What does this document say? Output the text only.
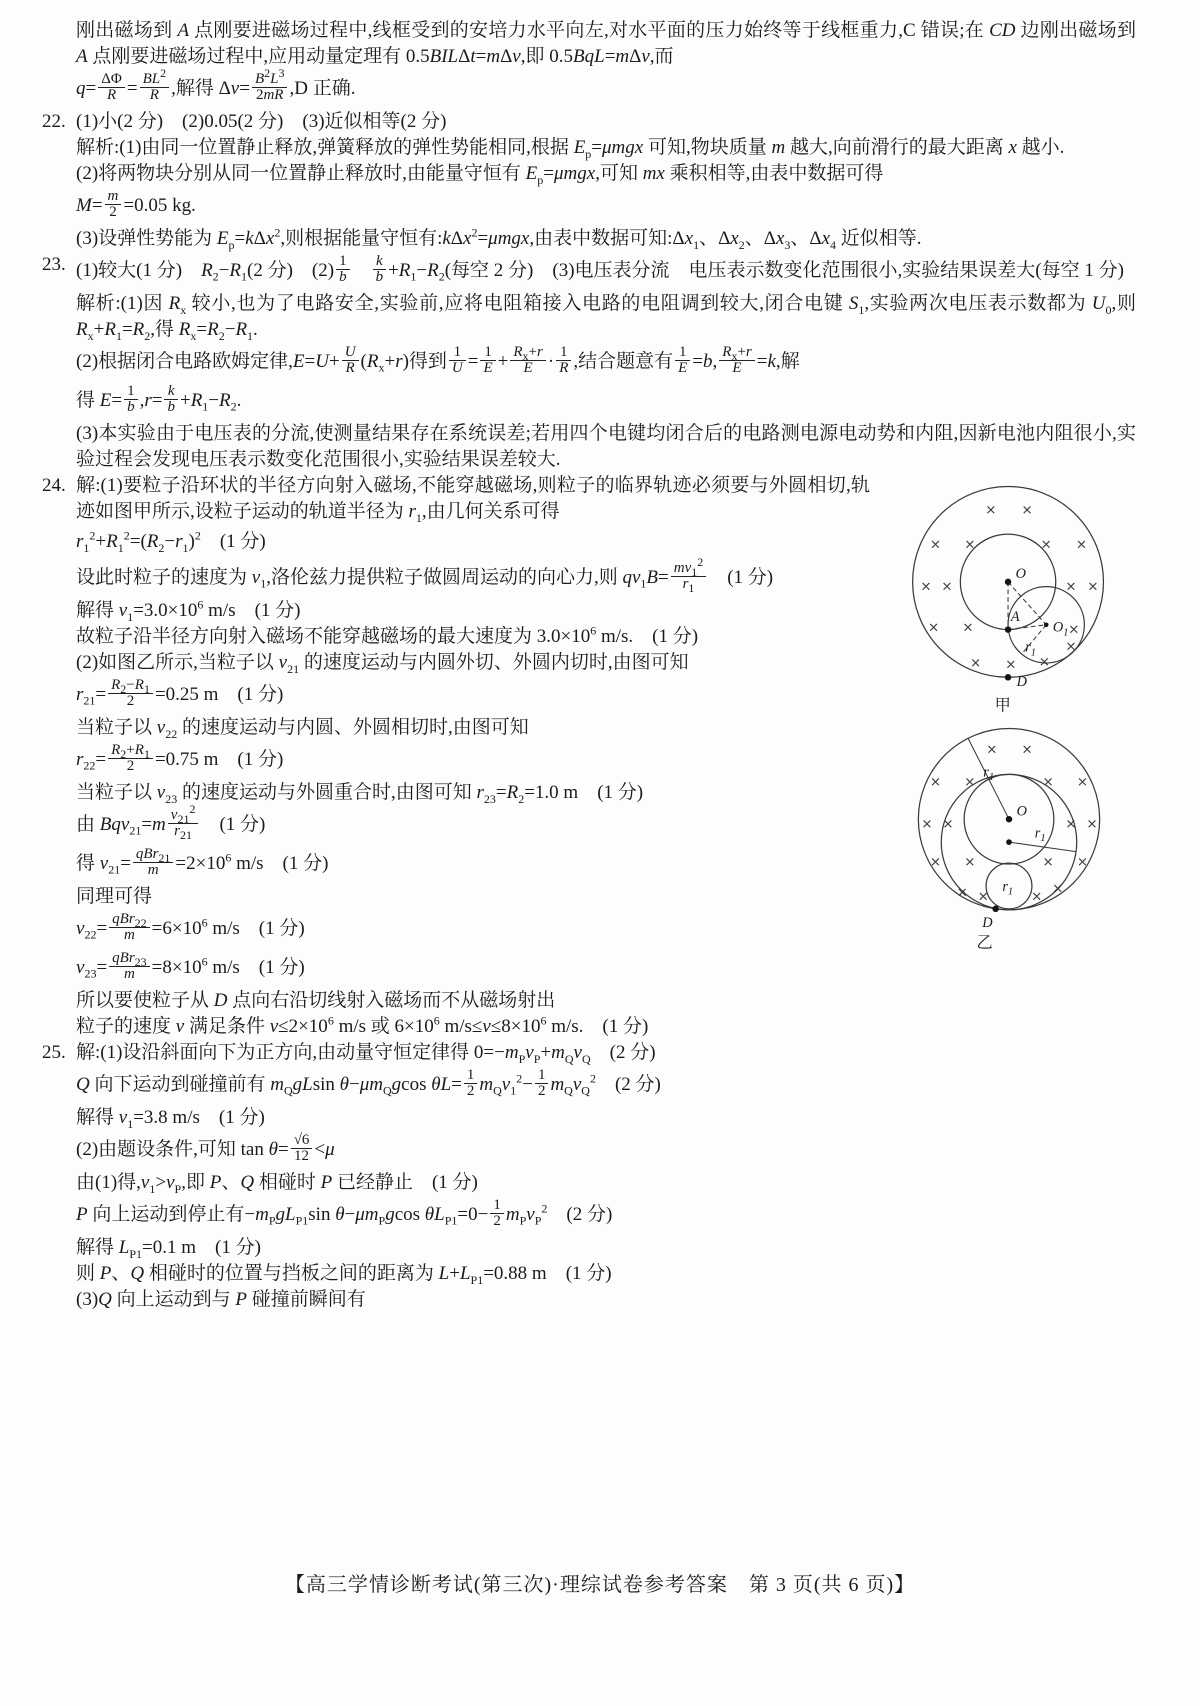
刚出磁场到 A 点刚要进磁场过程中,线框受到的安培力水平向左,对水平面的压力始终等于线框重力,C 错误;在 CD 边刚出磁场到 A 点刚要进磁场过程中,应用动量定理有 0.5BILΔt=mΔv,即 0.5BqL=mΔv,而
$q= \frac{\Delta\Phi}{R} = \frac{BL^2}{R}$ ,解得 $\Delta v= \frac{B^2L^3}{2mR} ,D$ 正确.
22. (1)小(2 分)　(2)0.05(2 分)　(3)近似相等(2 分)
解析:(1)由同一位置静止释放,弹簧释放的弹性势能相同,根据 $E_p=\mu mgx$ 可知,物块质量 m 越大,向前滑行的最大距离 x 越小.
(2)将两物块分别从同一位置静止释放时,由能量守恒有 $E_p=\mu mgx$,可知 mx 乘积相等,由表中数据可得
$M= \frac{m}{2} =0.05$ kg.
(3)设弹性势能为 $E_p=k\Delta x^2$,则根据能量守恒有:kΔx$^2$=μmgx,由表中数据可知$:\Delta x_1$、$\Delta x_2$、$\Delta x_3$、$\Delta x_4$ 近似相等.
23. (1)较大(1 分)　$R_2-R_1(2$ 分)　$(2) \frac{1}{b}$
　 $\frac{k}{b} +R_1-R_2$(每空 2 分)　(3)电压表分流　电压表示数变化范围很小,实验结果误差大(每空 1 分)
解析:(1)因 $R_x$ 较小,也为了电路安全,实验前,应将电阻箱接入电路的电阻调到较大,闭合电键 $S_1$,实验两次电压表示数都为 $U_0$,则 $R_x+R_1=R_2$,得 $R_x=R_2-R_1$.
(2)根据闭合电路欧姆定律$,E=U+ \frac{U}{R} (R_x+r)$得到 $\frac{1}{U} = \frac{1}{E} + \frac{R_x+r}{E} \cdot \frac{1}{R}$ ,结合题意有 $\frac{1}{E} =b$, $\frac{R_x+r}{E} =k$,解
得 $E= \frac{1}{b} ,r= \frac{k}{b} +R_1-R_2$.
(3)本实验由于电压表的分流,使测量结果存在系统误差;若用四个电键均闭合后的电路测电源电动势和内阻,因新电池内阻很小,实验过程会发现电压表示数变化范围很小,实验结果误差较大.
24.
× ×
× ×	× ×
× ×	× ×
× ×	×
× × ×
×
O
A
$O_1$
$r_1$
D
甲
× ×
× ×	× ×
× ×	× ×
× ×	× ×
× ×	×
×
$r_1$
O
$r_1$
$r_1$
D
乙
解:(1)要粒子沿环状的半径方向射入磁场,不能穿越磁场,则粒子的临界轨迹必须要与外圆相切,轨迹如图甲所示,设粒子运动的轨道半径为 $r_1$,由几何关系可得
$r_1^2+R_1^2=(R_2-r_1)^2$　(1 分)
设此时粒子的速度为 $v_1$,洛伦兹力提供粒子做圆周运动的向心力,则 $qv_1B= \frac{mv_1^2}{r_1}$ 　(1 分)
解得 $v_1=3.0\times 10^6$ m/s　(1 分)
故粒子沿半径方向射入磁场不能穿越磁场的最大速度为 $3.0\times 10^6$ m/s.　(1 分)
(2)如图乙所示,当粒子以 $v_{21}$ 的速度运动与内圆外切、外圆内切时,由图可知
$r_{21}= \frac{R_2-R_1}{2} =0.25$ m　(1 分)
当粒子以 $v_{22}$ 的速度运动与内圆、外圆相切时,由图可知
$r_{22}= \frac{R_2+R_1}{2} =0.75$ m　(1 分)
当粒子以 $v_{23}$ 的速度运动与外圆重合时,由图可知 $r_{23}=R_2=1.0$ m　(1 分)
由 $Bqv_{21}=m \frac{v_{21}^2}{r_{21}}$ 　(1 分)
得 $v_{21}= qBr_{21}$
$m =2\times 10^6$ m/s　(1 分)
同理可得
$v_{22}= qBr_{22}$
$m =6\times 10^6$ m/s　(1 分)
$v_{23}= qBr_{23}$
$m =8\times 10^6$ m/s　(1 分)
所以要使粒子从 D 点向右沿切线射入磁场而不从磁场射出
粒子的速度 v 满足条件 $v\le 2\times 10^6$ m/s 或 $6\times 10^6$ $m/s\le v\le 8\times 10^6$ m/s.　(1 分)
25. 解:(1)设沿斜面向下为正方向,由动量守恒定律得 $0=-m_Pv_P+m_Qv_Q$　(2 分)
Q 向下运动到碰撞前有 $m_QgLsin$ $\theta-\mu m_Qgcos$ $\theta L= \frac{1}{2} m_Qv_1^2- \frac{1}{2} m_Qv_Q^2$　(2 分)
解得 $v_1=3.8$ m/s　(1 分)
(2)由题设条件,可知 $\tan \theta= \frac{√6}{12} <\mu$
由(1)得$,v_1>v_P$,即 P、Q 相碰时 P 已经静止　(1 分)
P 向上运动到停止有$-m_PgL_{P1}\sin$ $\theta-\mu m_Pgcos$ $\theta L_{P1}=0- \frac{1}{2} m_Pv_P^2$　(2 分)
解得 $L_{P1}=0.1$ m　(1 分)
则 P、Q 相碰时的位置与挡板之间的距离为 $L+L_{P1}=0.88$ m　(1 分)
(3)Q 向上运动到与 P 碰撞前瞬间有
【高三学情诊断考试(第三次)·理综试卷参考答案　第 3 页(共 6 页)】
